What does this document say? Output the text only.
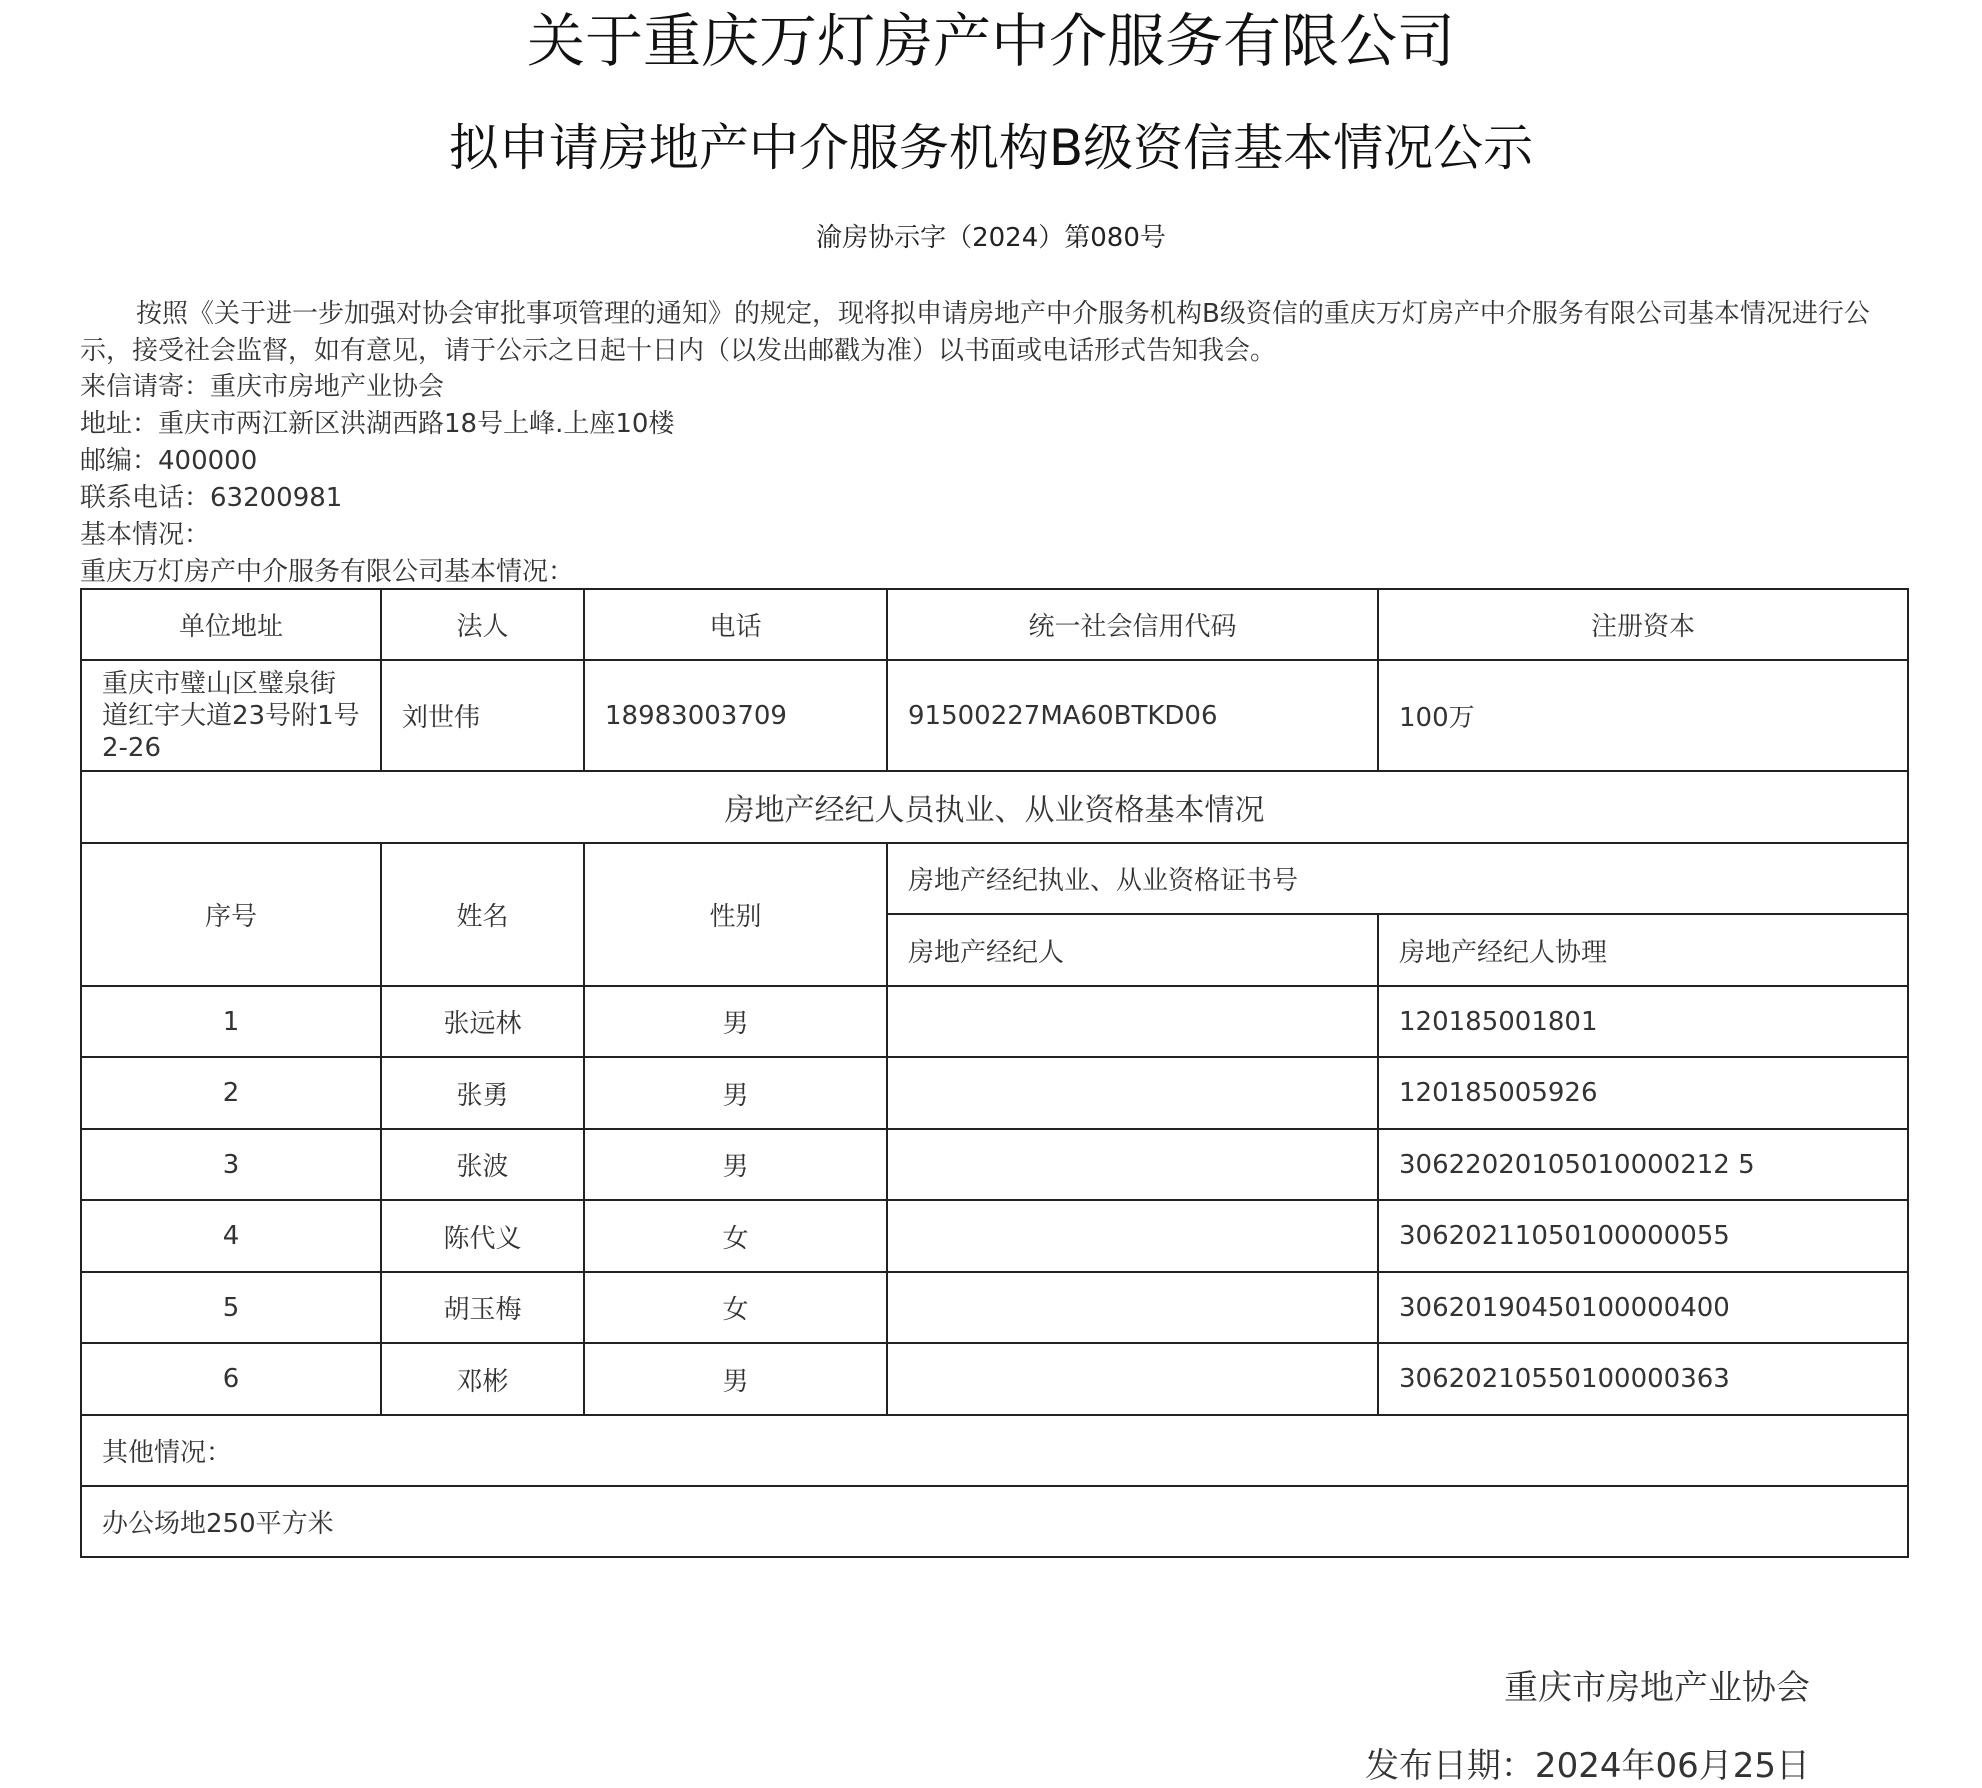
关于重庆万灯房产中介服务有限公司
拟申请房地产中介服务机构B级资信基本情况公示
渝房协示字（2024）第080号
按照《关于进一步加强对协会审批事项管理的通知》的规定，现将拟申请房地产中介服务机构B级资信的重庆万灯房产中介服务有限公司基本情况进行公示，接受社会监督，如有意见，请于公示之日起十日内（以发出邮戳为准）以书面或电话形式告知我会。
来信请寄：重庆市房地产业协会
地址：重庆市两江新区洪湖西路18号上峰.上座10楼
邮编：400000
联系电话：63200981
基本情况：
重庆万灯房产中介服务有限公司基本情况：
单位地址	法人	电话	统一社会信用代码	注册资本
重庆市璧山区璧泉街道红宇大道23号附1号2-26	刘世伟	18983003709	91500227MA60BTKD06	100万
房地产经纪人员执业、从业资格基本情况				
序号	姓名	性别	房地产经纪执业、从业资格证书号	
			房地产经纪人	房地产经纪人协理
1	张远林	男		120185001801
2	张勇	男		120185005926
3	张波	男		30622020105010000212 5
4	陈代义	女		30620211050100000055
5	胡玉梅	女		30620190450100000400
6	邓彬	男		30620210550100000363
其他情况：				
办公场地250平方米				
重庆市房地产业协会
发布日期：2024年06月25日
